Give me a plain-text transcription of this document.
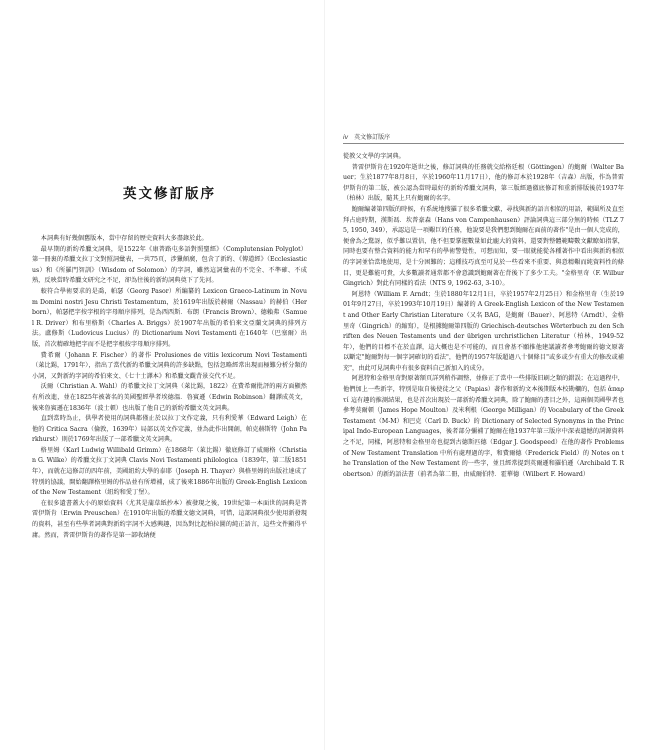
英文修訂版序

本詞典有好幾個舊版本，當中存留的歷史資料大多盡錄於此。

最早期的新約希臘文詞典，是1522年《康普路屯多語對照聖經》（Complutensian Polyglot）第一冊裏的希臘文拉丁文對照詞彙表，一共75頁，涉獵頗廣，包含了新約、《傳道經》（Ecclesiasticus）和《所羅門智訓》（Wisdom of Solomon）的字詞，雖然這詞彙表的不完全、不準確、不成熟，反映當時希臘文研究之不足，卻為往後的新約詞典奠下了先河。

較符合學術要求的是喬，帕瑟（Georg Pasor）所編纂的 Lexicon Graeco-Latinum in Novum Domini nostri Jesu Christi Testamentum，於1619年出版於赫爾（Nassau）的赫伯（Herborn），帕瑟把字按字根的字母順序排列，是為西西斯．布朗（Francis Brown）、德賴弗（Samuel R. Driver）和布里格斯（Charles A. Briggs）於1907年出版的希伯來文亞蘭文詞典的排列方法。盧修斯（Ludovicus Lucius）的 Dictionarium Novi Testamenti 在1640年（巴塞爾）出版，首次精確地把字而不是把字根按字母順序排列。

費希爾（Johann F. Fischer）的著作 Prolusiones de vitiis lexicorum Novi Testamenti（萊比錫，1791年），指出了當代新約希臘文詞典的許多缺點，包括忽略經常出現而極難分析分類的小詞，又對新約字詞的希伯來文、《七十士譯本》和希臘文觀背景交代不足。

沃爾（Christian A. Wahl）的希臘文拉丁文詞典（萊比錫，1822）在費希爾批評的兩方面顯然有所改進，並在1825年被著名的美國聖經學者埃德溫．魯賓遜（Edwin Robinson）翻譯成英文，後來魯賓遜在1836年（波士頓）也出版了他自己的新約希臘文英文詞典。

直到當時為止，供學者使用的詞典都僅止於以拉丁文作定義，只有利愛華（Edward Leigh）在他的 Critica Sacra（倫敦，1639年）局部以英文作定義，並為此作出開創，帕克赫斯特（John Parkhurst）則於1769年出版了一部希臘文英文詞典。

格里姆（Karl Ludwig Willibald Grimm）在1868年（萊比錫）徹底修訂了威爾格（Christian G. Wilke）的希臘文拉丁文詞典 Clavis Novi Testamenti philologica（1839年，第二版1851年），而就在這修訂的四年前，美國紐約大學的泰耶（Joseph H. Thayer）與格里姆的出版社達成了特別的協議，開始翻譯格里姆的作品並有所增補，成了後來1886年出版的 Greek-English Lexicon of the New Testament（紐約和愛丁堡）。

在很多遺書蓋大小的原始資料（尤其是蒲草紙抄本）被發現之後，19世紀第一本面世的詞典是普雷伊斯肯（Erwin Preuschen）在1910年出版的希臘文德文詞典，可惜，這部詞典很少使用新發現的資料，甚至有些學者詞典對新約字詞不大感興趣，因為對比起柏拉圖的純正語言，這些文件顯得平庸。然而，普雷伊斯肯的著作是第一部收納便

iv 英文修訂版序

從教父文學的字詞典。

普雷伊斯肯在1920年逝世之後，修訂詞典的任務就交給格廷根（Göttingen）的鮑爾（Walter Bauer；生於1877年8月8日，卒於1960年11月17日），他的修訂本於1928年（吉森）出版，作為普雷伊斯肯的第二版，被公認為當時最好的新約希臘文詞典，第三版經過徹底修訂和重新排版後於1937年（柏林）出版，隨其上只有鮑爾的名字。

鮑爾編著第四版的時候，有系統地搜羅了很多希臘文獻，尋找與新約語言相似的用語，範圍所及直至拜占庭時期，漢斯馮．坎普豪森（Hans von Campenhausen）評論詞典這三部分無的時候（TLZ 75, 1950, 349），承認這是一項艱巨的任務，他說要是我們想到鮑爾在面前的著作"是由一個人完成的，便會為之驚訝，似乎難以置信，他不但要掌握數量如此龐大的資料，還要對整體範疇數文獻瞭如指掌，同時也要有整合資料的能力和罕有的學術警覺性，可想而知，要一眼就能從各種著作中看出與新約相似的字詞並恰當地使用，是十分困難的；這種技巧真至可見於一些看來不重要、與意精艱而純資料性的條目，更是難能可貴，大多數讀者通常都不會意識到鮑爾著在背後下了多少工夫。"金格里奇（F. Wilbur Gingrich）對此有同樣的看法（NTS 9, 1962-63, 3-10）。

阿恩特（William F. Arndt；生於1880年12月1日，卒於1957年2月25日）和金格里奇（生於1901年9月27日，卒於1993年10月19日）編著的 A Greek-English Lexicon of the New Testament and Other Early Christian Literature（又名 BAG，是鮑爾（Bauer）、阿恩特（Arndt）、金格里奇（Gingrich）的縮寫），是根據鮑爾第四版的 Griechisch-deutsches Wörterbuch zu den Schriften des Neuen Testaments und der übrigen urchristlichen Literatur（柏林，1949-52年），他們的目標不在於直譯，這大概也是不可能的，而且會基不願推他建議讀者參考鮑爾的德文原著以斷定"鮑爾對每一個字詞確切的看法"，他們的1957年版超過八十個條目"或多或少有重大的修改或補充"，由此可見詞典中有很多資料自己新加入的成分。

阿恩特和金格里奇對原著額頁詳列稍作調整，並修正了當中一些排版旧刷之類的錯誤；在這過程中，他們加上一些新字，特別是取自後使徒之父（Papias）著作和新約文本後期版本校勘欄的，包括 ἀπαρτί 這有趣的推測結果，也是首次出現於一部新約希臘文詞典，除了鮑爾的書目之外，這兩個美國學者也參考莫爾頓（James Hope Moulton）及米利根（George Milligan）的 Vocabulary of the Greek Testament（M-M）和巴克（Carl D. Buck）的 Dictionary of Selected Synonyms in the Principal Indo-European Languages，後者部分彌補了鮑爾在他1937年第三版序中深表遺憾的詞源資料之不足，同樣，阿恩特和金格里奇也提到古德斯匹德（Edgar J. Goodspeed）在他的著作 Problems of New Testament Translation 中所有處理過的字，和費爾德（Frederick Field）的 Notes on the Translation of the New Testament 的一些字，並且經常提到英爾遜和羅伯遜（Archibald T. Robertson）的新約語法書（前者為第二冊，由威爾伯特．霍華德（Wilbert F. Howard）
